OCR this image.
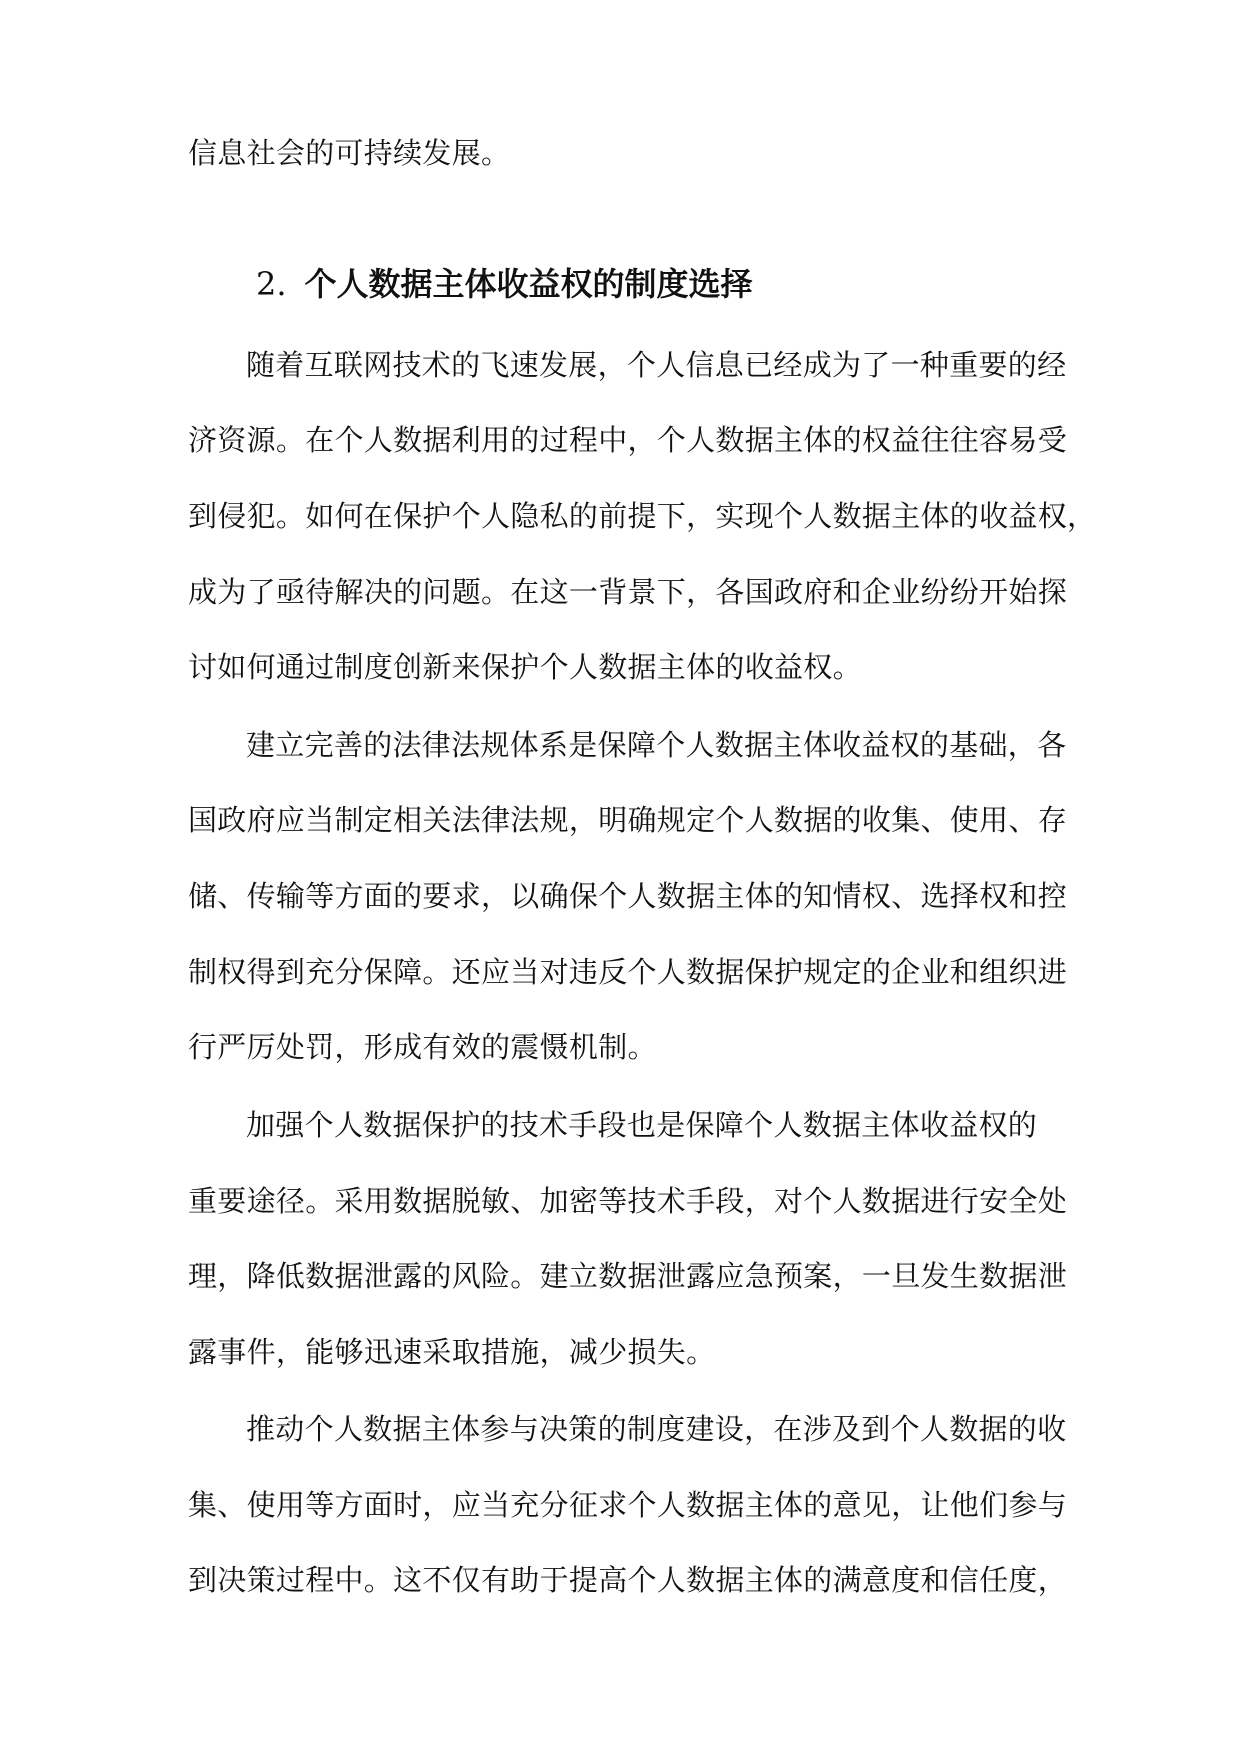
信息社会的可持续发展。
2. 个人数据主体收益权的制度选择
随着互联网技术的飞速发展，个人信息已经成为了一种重要的经
济资源。在个人数据利用的过程中，个人数据主体的权益往往容易受
到侵犯。如何在保护个人隐私的前提下，实现个人数据主体的收益权，
成为了亟待解决的问题。在这一背景下，各国政府和企业纷纷开始探
讨如何通过制度创新来保护个人数据主体的收益权。
建立完善的法律法规体系是保障个人数据主体收益权的基础，各
国政府应当制定相关法律法规，明确规定个人数据的收集、使用、存
储、传输等方面的要求，以确保个人数据主体的知情权、选择权和控
制权得到充分保障。还应当对违反个人数据保护规定的企业和组织进
行严厉处罚，形成有效的震慑机制。
加强个人数据保护的技术手段也是保障个人数据主体收益权的
重要途径。采用数据脱敏、加密等技术手段，对个人数据进行安全处
理，降低数据泄露的风险。建立数据泄露应急预案，一旦发生数据泄
露事件，能够迅速采取措施，减少损失。
推动个人数据主体参与决策的制度建设，在涉及到个人数据的收
集、使用等方面时，应当充分征求个人数据主体的意见，让他们参与
到决策过程中。这不仅有助于提高个人数据主体的满意度和信任度，
